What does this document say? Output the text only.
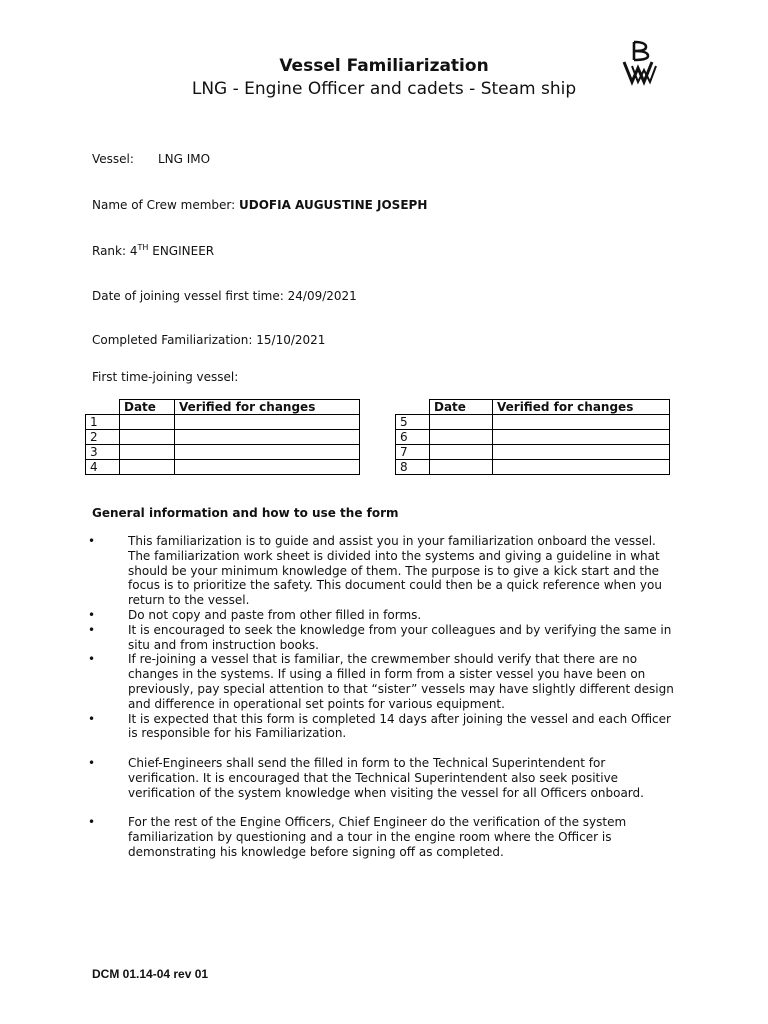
Vessel Familiarization
LNG - Engine Officer and cadets - Steam ship
Vessel: LNG IMO
Name of Crew member: UDOFIA AUGUSTINE JOSEPH
Rank: 4TH ENGINEER
Date of joining vessel first time: 24/09/2021
Completed Familiarization: 15/10/2021
First time-joining vessel:
	Date	Verified for changes
1		
2		
3		
4		
	Date	Verified for changes
5		
6		
7		
8		
General information and how to use the form
•	This familiarization is to guide and assist you in your familiarization onboard the vessel. The familiarization work sheet is divided into the systems and giving a guideline in what should be your minimum knowledge of them. The purpose is to give a kick start and the focus is to prioritize the safety. This document could then be a quick reference when you return to the vessel.
•	Do not copy and paste from other filled in forms.
•	It is encouraged to seek the knowledge from your colleagues and by verifying the same in situ and from instruction books.
•	If re-joining a vessel that is familiar, the crewmember should verify that there are no changes in the systems. If using a filled in form from a sister vessel you have been on previously, pay special attention to that “sister” vessels may have slightly different design and difference in operational set points for various equipment.
•	It is expected that this form is completed 14 days after joining the vessel and each Officer is responsible for his Familiarization.
•	Chief-Engineers shall send the filled in form to the Technical Superintendent for verification. It is encouraged that the Technical Superintendent also seek positive verification of the system knowledge when visiting the vessel for all Officers onboard.
•	For the rest of the Engine Officers, Chief Engineer do the verification of the system familiarization by questioning and a tour in the engine room where the Officer is demonstrating his knowledge before signing off as completed.
DCM 01.14-04 rev 01
